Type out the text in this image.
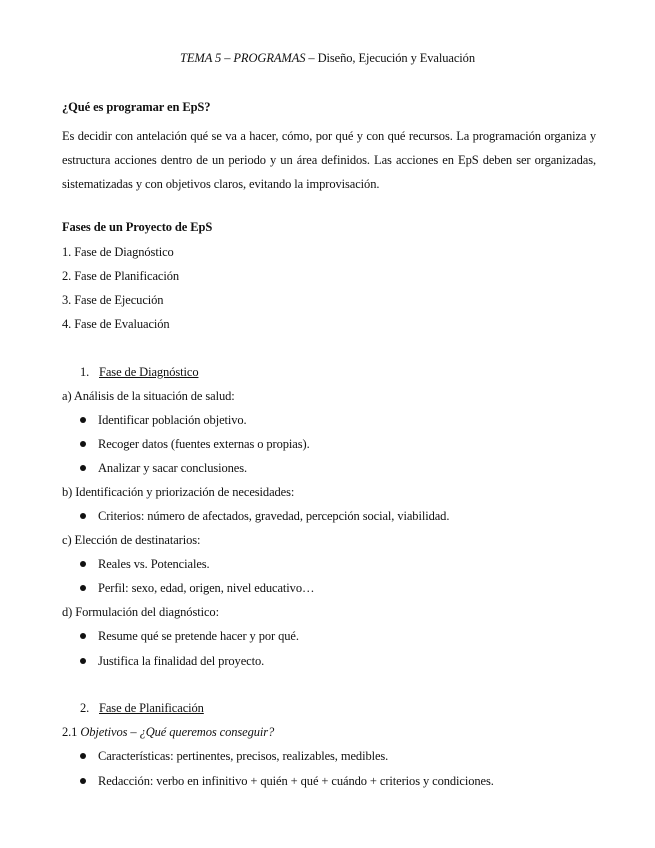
TEMA 5 – PROGRAMAS – Diseño, Ejecución y Evaluación
¿Qué es programar en EpS?
Es decidir con antelación qué se va a hacer, cómo, por qué y con qué recursos. La programación organiza y estructura acciones dentro de un periodo y un área definidos. Las acciones en EpS deben ser organizadas, sistematizadas y con objetivos claros, evitando la improvisación.
Fases de un Proyecto de EpS
1. Fase de Diagnóstico
2. Fase de Planificación
3. Fase de Ejecución
4. Fase de Evaluación
1. Fase de Diagnóstico
a) Análisis de la situación de salud:
Identificar población objetivo.
Recoger datos (fuentes externas o propias).
Analizar y sacar conclusiones.
b) Identificación y priorización de necesidades:
Criterios: número de afectados, gravedad, percepción social, viabilidad.
c) Elección de destinatarios:
Reales vs. Potenciales.
Perfil: sexo, edad, origen, nivel educativo…
d) Formulación del diagnóstico:
Resume qué se pretende hacer y por qué.
Justifica la finalidad del proyecto.
2. Fase de Planificación
2.1 Objetivos – ¿Qué queremos conseguir?
Características: pertinentes, precisos, realizables, medibles.
Redacción: verbo en infinitivo + quién + qué + cuándo + criterios y condiciones.
